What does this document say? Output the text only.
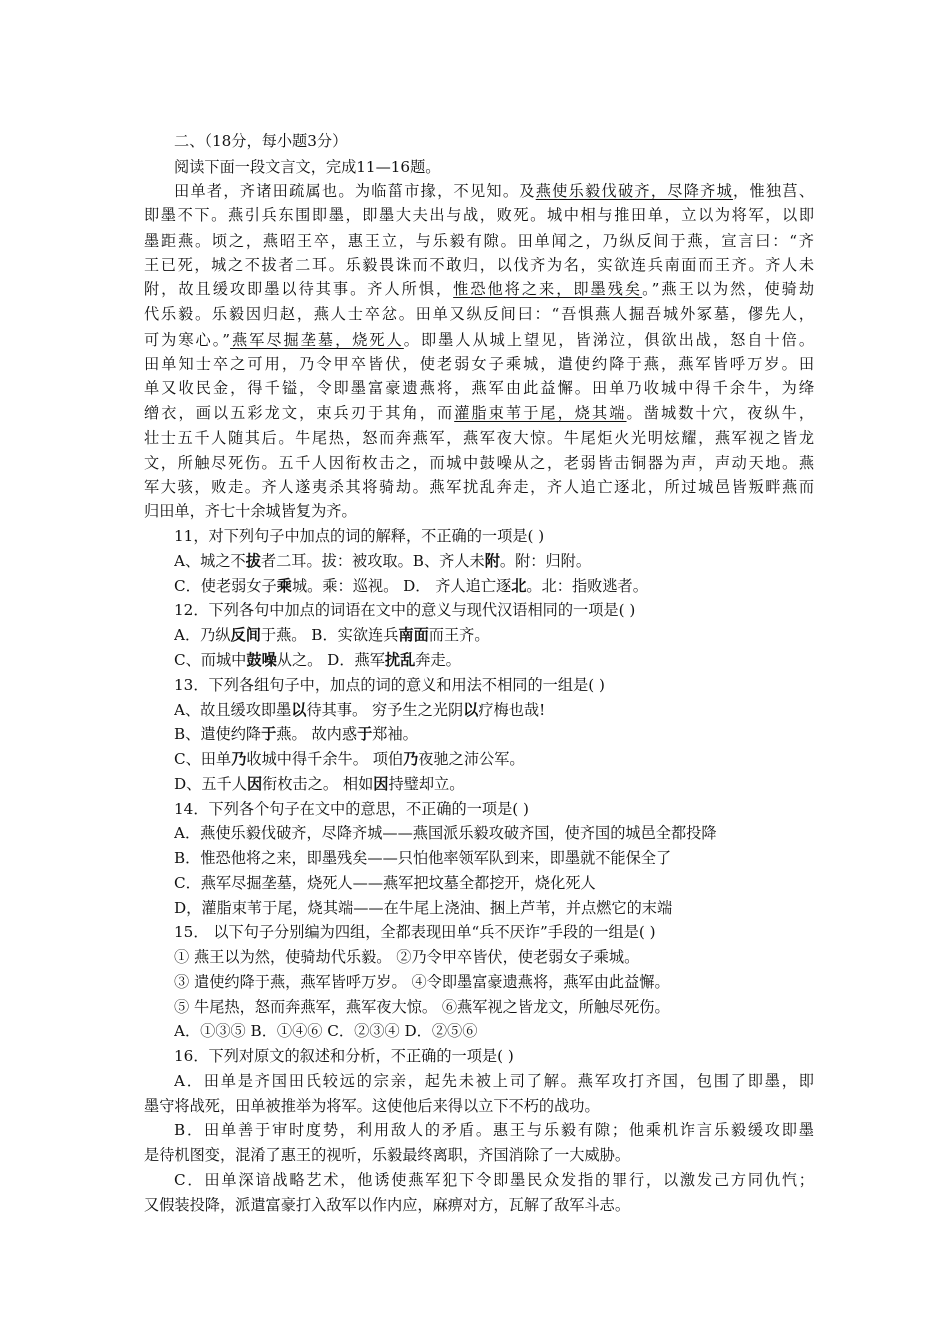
二、（18分，每小题3分）
阅读下面一段文言文，完成11—16题。
田单者，齐诸田疏属也。为临菑市掾，不见知。及燕使乐毅伐破齐，尽降齐城，惟独莒、
即墨不下。燕引兵东围即墨，即墨大夫出与战，败死。城中相与推田单，立以为将军，以即
墨距燕。顷之，燕昭王卒，惠王立，与乐毅有隙。田单闻之，乃纵反间于燕，宣言曰：“齐
王已死，城之不拔者二耳。乐毅畏诛而不敢归，以伐齐为名，实欲连兵南面而王齐。齐人未
附，故且缓攻即墨以待其事。齐人所惧，惟恐他将之来，即墨残矣。”燕王以为然，使骑劫
代乐毅。乐毅因归赵，燕人士卒忿。田单又纵反间曰：“吾惧燕人掘吾城外冢墓，僇先人，
可为寒心。”燕军尽掘垄墓，烧死人。即墨人从城上望见，皆涕泣，俱欲出战，怒自十倍。
田单知士卒之可用，乃令甲卒皆伏，使老弱女子乘城，遣使约降于燕，燕军皆呼万岁。田
单又收民金，得千镒，令即墨富豪遗燕将，燕军由此益懈。田单乃收城中得千余牛，为绛
缯衣，画以五彩龙文，束兵刃于其角，而灌脂束苇于尾，烧其端。凿城数十穴，夜纵牛，
壮士五千人随其后。牛尾热，怒而奔燕军，燕军夜大惊。牛尾炬火光明炫耀，燕军视之皆龙
文，所触尽死伤。五千人因衔枚击之，而城中鼓噪从之，老弱皆击铜器为声，声动天地。燕
军大骇，败走。齐人遂夷杀其将骑劫。燕军扰乱奔走，齐人追亡逐北，所过城邑皆叛畔燕而
归田单，齐七十余城皆复为齐。
11，对下列句子中加点的词的解释，不正确的一项是( )
A、城之不拔者二耳。拔：被攻取。B、齐人未附。附：归附。
C．使老弱女子乘城。乘：巡视。 D． 齐人追亡逐北。北：指败逃者。
12．下列各句中加点的词语在文中的意义与现代汉语相同的一项是( )
A．乃纵反间于燕。 B．实欲连兵南面而王齐。
C、而城中鼓噪从之。 D．燕军扰乱奔走。
13．下列各组句子中，加点的词的意义和用法不相同的一组是( )
A、故且缓攻即墨以待其事。 穷予生之光阴以疗梅也哉!
B、遣使约降于燕。 故内惑于郑袖。
C、田单乃收城中得千余牛。 项伯乃夜驰之沛公军。
D、五千人因衔枚击之。 相如因持璧却立。
14．下列各个句子在文中的意思，不正确的一项是( )
A．燕使乐毅伐破齐，尽降齐城——燕国派乐毅攻破齐国，使齐国的城邑全都投降
B．惟恐他将之来，即墨残矣——只怕他率领军队到来，即墨就不能保全了
C．燕军尽掘垄墓，烧死人——燕军把坟墓全都挖开，烧化死人
D，灌脂束苇于尾，烧其端——在牛尾上浇油、捆上芦苇，并点燃它的末端
15． 以下句子分别编为四组，全都表现田单“兵不厌诈”手段的一组是( )
① 燕王以为然，使骑劫代乐毅。 ②乃令甲卒皆伏，使老弱女子乘城。
③ 遣使约降于燕，燕军皆呼万岁。 ④令即墨富豪遗燕将，燕军由此益懈。
⑤ 牛尾热，怒而奔燕军，燕军夜大惊。 ⑥燕军视之皆龙文，所触尽死伤。
A．①③⑤ B．①④⑥ C．②③④ D．②⑤⑥
16．下列对原文的叙述和分析，不正确的一项是( )
A．田单是齐国田氏较远的宗亲，起先未被上司了解。燕军攻打齐国，包围了即墨，即
墨守将战死，田单被推举为将军。这使他后来得以立下不朽的战功。
B．田单善于审时度势，利用敌人的矛盾。惠王与乐毅有隙；他乘机诈言乐毅缓攻即墨
是待机图变，混淆了惠王的视听，乐毅最终离职，齐国消除了一大威胁。
C．田单深谙战略艺术，他诱使燕军犯下令即墨民众发指的罪行，以激发己方同仇忾；
又假装投降，派遣富豪打入敌军以作内应，麻痹对方，瓦解了敌军斗志。
